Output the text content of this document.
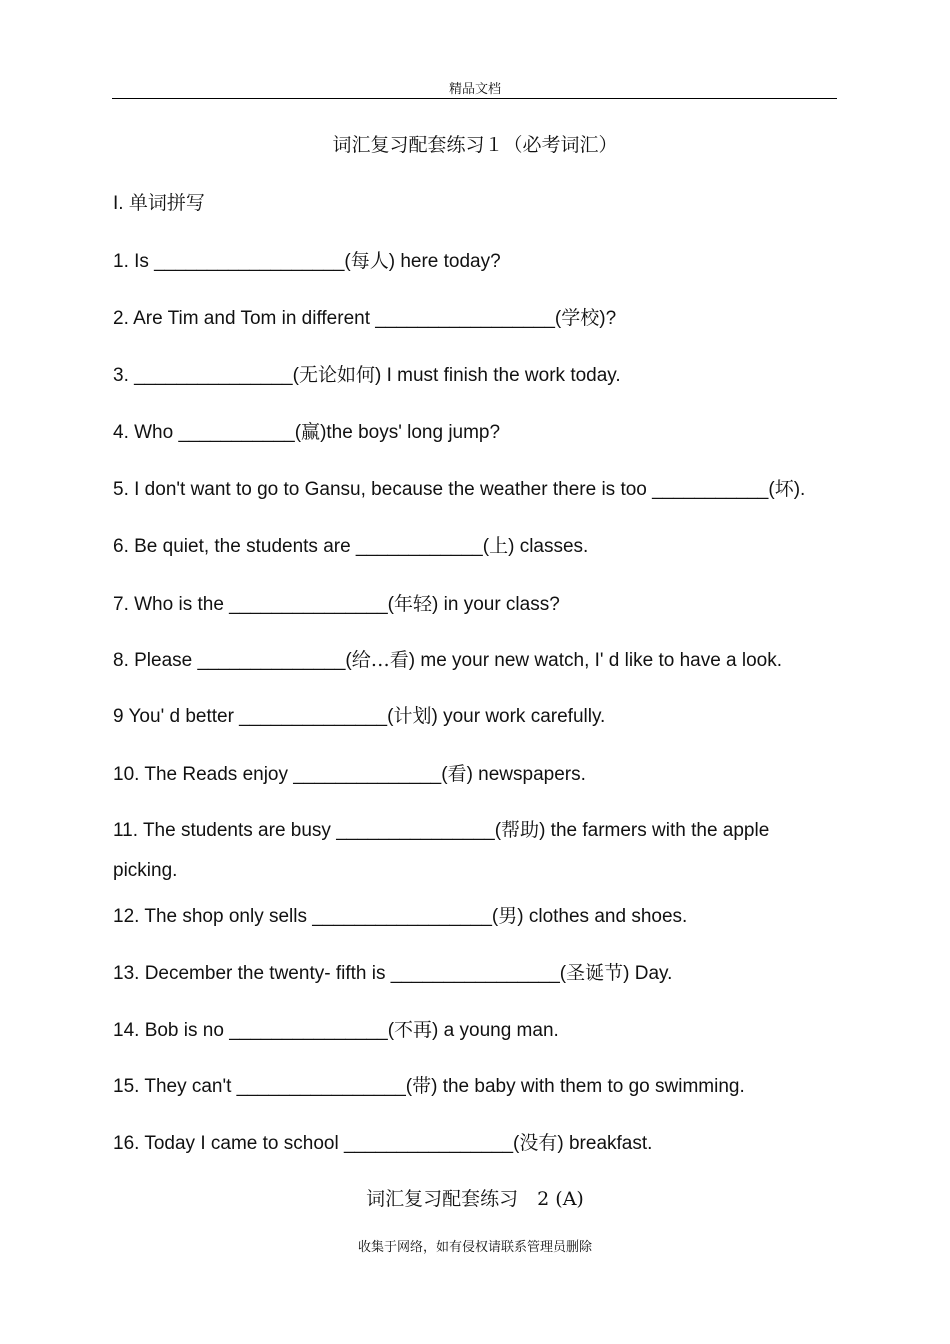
精品文档
词汇复习配套练习１（必考词汇）
I. 单词拼写
1. Is __________________(每人) here today?
2. Are Tim and Tom in different _________________(学校)?
3. _______________(无论如何) I must finish the work today.
4. Who ___________(赢)the boys' long jump?
5. I don't want to go to Gansu, because the weather there is too ___________(坏).
6. Be quiet, the students are ____________(上) classes.
7. Who is the _______________(年轻) in your class?
8. Please ______________(给…看) me your new watch, I' d like to have a look.
9 You' d better ______________(计划) your work carefully.
10. The Reads enjoy ______________(看) newspapers.
11. The students are busy _______________(帮助) the farmers with the apple
picking.
12. The shop only sells _________________(男) clothes and shoes.
13. December the twenty- fifth is ________________(圣诞节) Day.
14. Bob is no _______________(不再) a young man.
15. They can't ________________(带) the baby with them to go swimming.
16. Today I came to school ________________(没有) breakfast.
词汇复习配套练习　2 (A)
收集于网络，如有侵权请联系管理员删除
